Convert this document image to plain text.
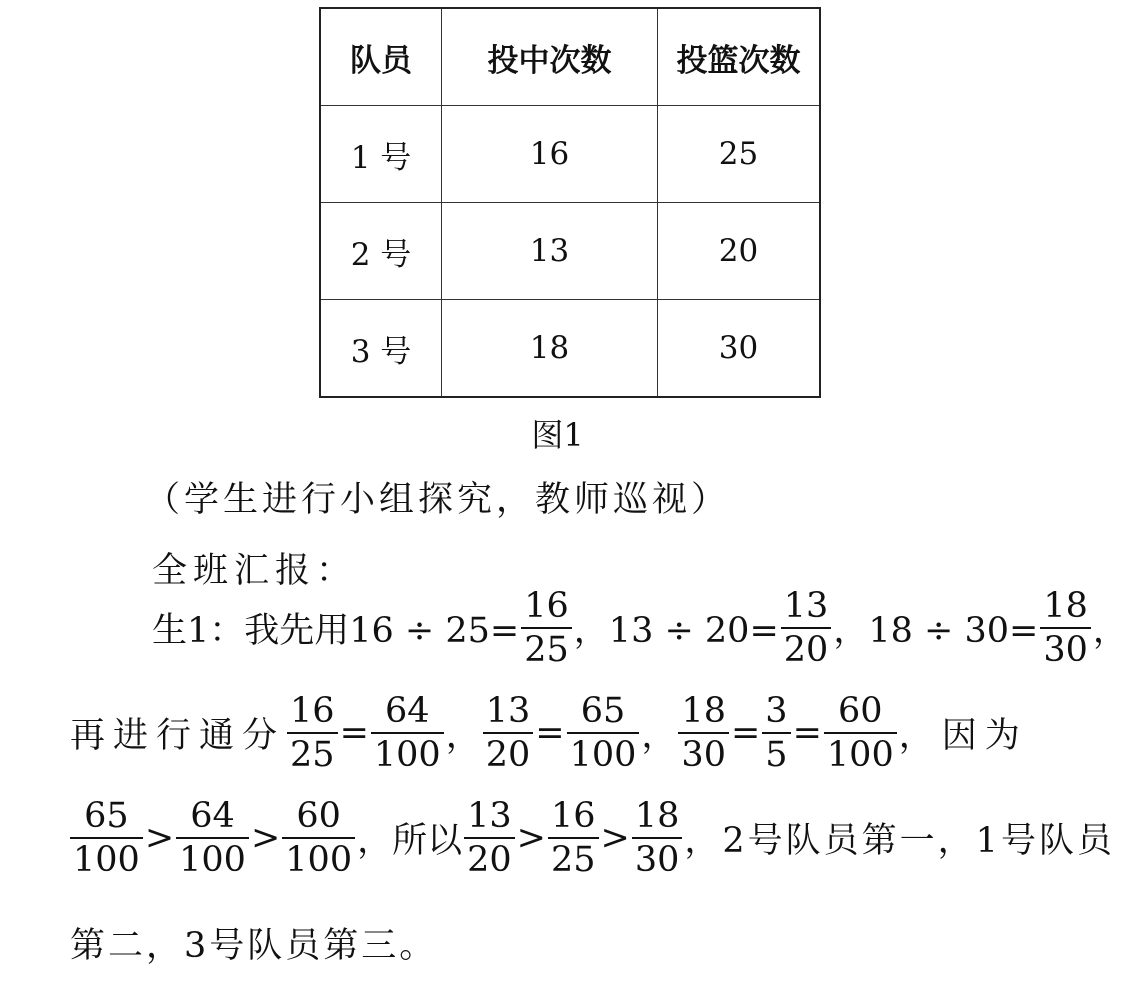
队员	投中次数	投篮次数
1 号	16	25
2 号	13	20
3 号	18	30
图1
（学生进行小组探究，教师巡视）
全班汇报：
生1：我先用$16 \div 25= \frac{16}{25}$ ，$13 \div 20= \frac{13}{20}$ ，$18 \div 30= \frac{18}{30}$ ，
再进行通分 $\frac{16}{25} = \frac{64}{100}$ ， $\frac{13}{20} = \frac{65}{100}$ ， $\frac{18}{30} = \frac{3}{5} = \frac{60}{100}$ ，因为
$\frac{65}{100} > \frac{64}{100} > \frac{60}{100}$ ，所以 $\frac{13}{20} > \frac{16}{25} > \frac{18}{30}$ ，2号队员第一，1号队员
第二，3号队员第三。
